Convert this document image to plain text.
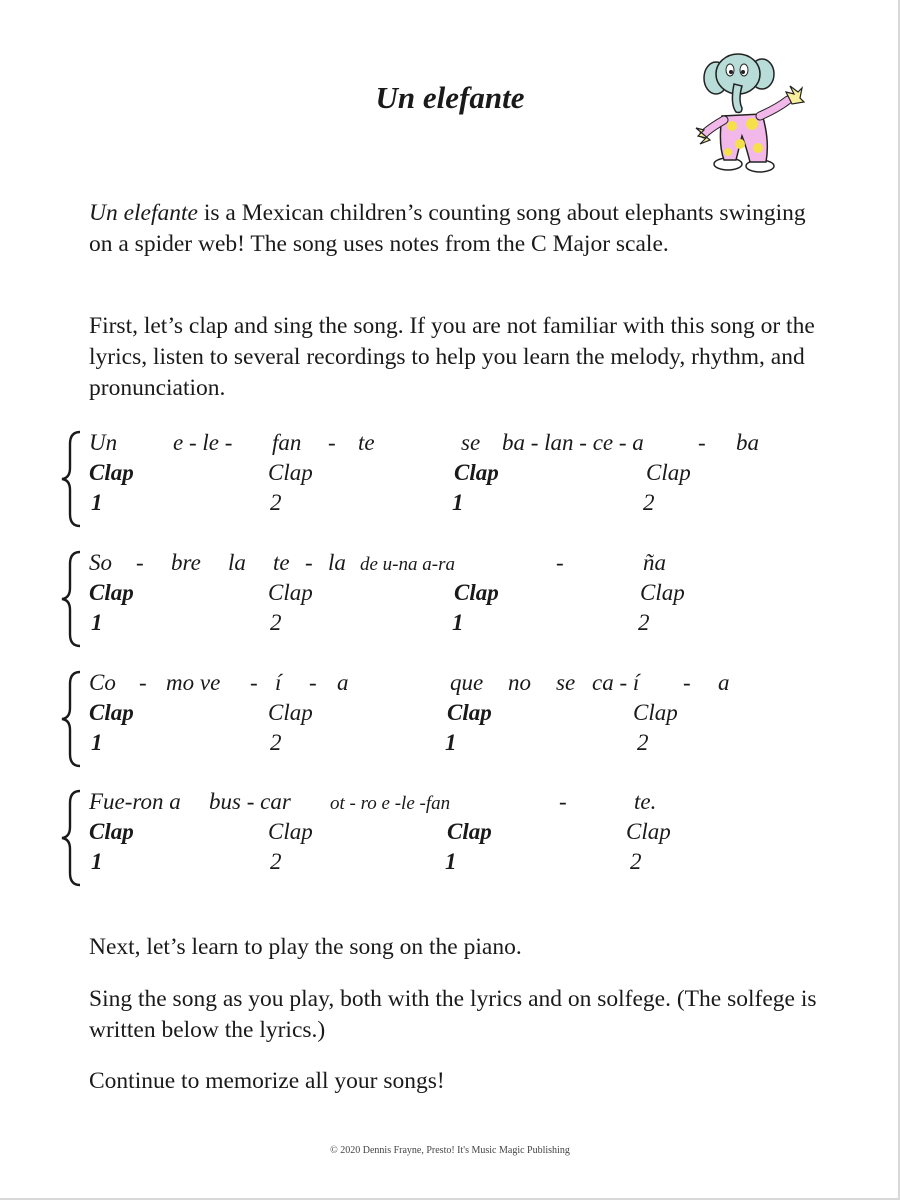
Un elefante
Un elefante is a Mexican children’s counting song about elephants swinging on a spider web! The song uses notes from the C Major scale.
First, let’s clap and sing the song. If you are not familiar with this song or the lyrics, listen to several recordings to help you learn the melody, rhythm, and pronunciation.
Un e - le - fan - te	se ba - lan - ce - a - ba
Clap	Clap	Clap	Clap
1	2	1	2
So - bre la te - la de u-na a-ra	-	ña
Clap	Clap	Clap	Clap
1	2	1	2
Co - mo ve - í - a	que no se ca - í - a
Clap	Clap	Clap	Clap
1	2	1	2
Fue-ron a bus - car ot - ro e -le -fan	-	te.
Clap	Clap	Clap	Clap
1	2	1	2
Next, let’s learn to play the song on the piano.
Sing the song as you play, both with the lyrics and on solfege. (The solfege is written below the lyrics.)
Continue to memorize all your songs!
© 2020 Dennis Frayne, Presto! It's Music Magic Publishing
